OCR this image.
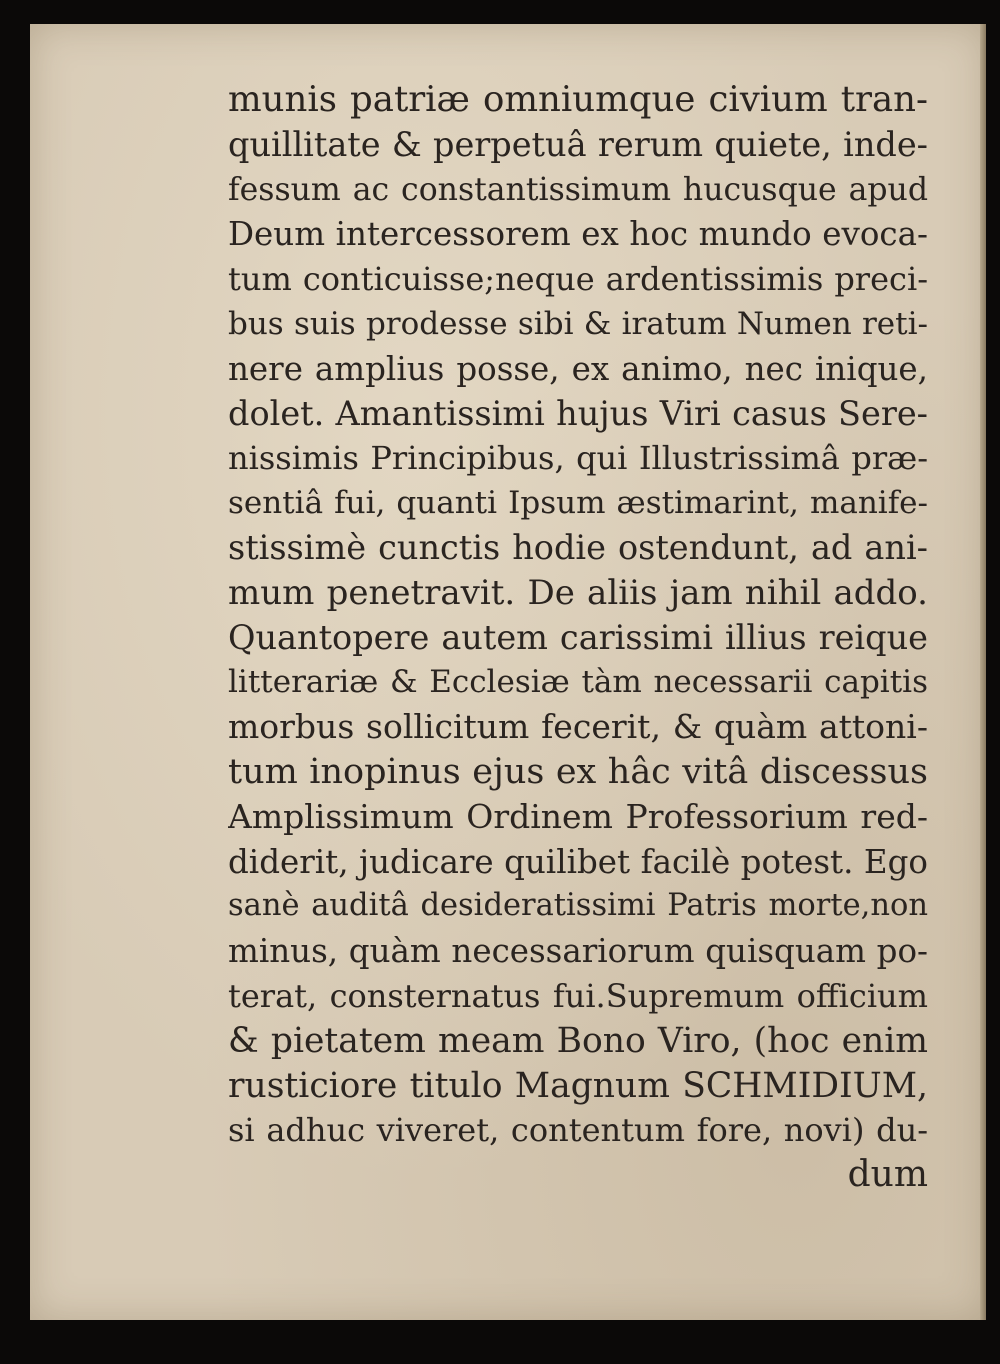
munis patriæ omniumque civium tran-
quillitate & perpetuâ rerum quiete, inde-
fessum ac constantissimum hucusque apud
Deum intercessorem ex hoc mundo evoca-
tum conticuisse;neque ardentissimis preci-
bus suis prodesse sibi & iratum Numen reti-
nere amplius posse, ex animo, nec inique,
dolet. Amantissimi hujus Viri casus Sere-
nissimis Principibus, qui Illustrissimâ præ-
sentiâ fui, quanti Ipsum æstimarint, manife-
stissimè cunctis hodie ostendunt, ad ani-
mum penetravit. De aliis jam nihil addo.
Quantopere autem carissimi illius reique
litterariæ & Ecclesiæ tàm necessarii capitis
morbus sollicitum fecerit, & quàm attoni-
tum inopinus ejus ex hâc vitâ discessus
Amplissimum Ordinem Professorium red-
diderit, judicare quilibet facilè potest. Ego
sanè auditâ desideratissimi Patris morte,non
minus, quàm necessariorum quisquam po-
terat, consternatus fui.Supremum officium
& pietatem meam Bono Viro, (hoc enim
rusticiore titulo Magnum SCHMIDIUM,
si adhuc viveret, contentum fore, novi) du-
dum
